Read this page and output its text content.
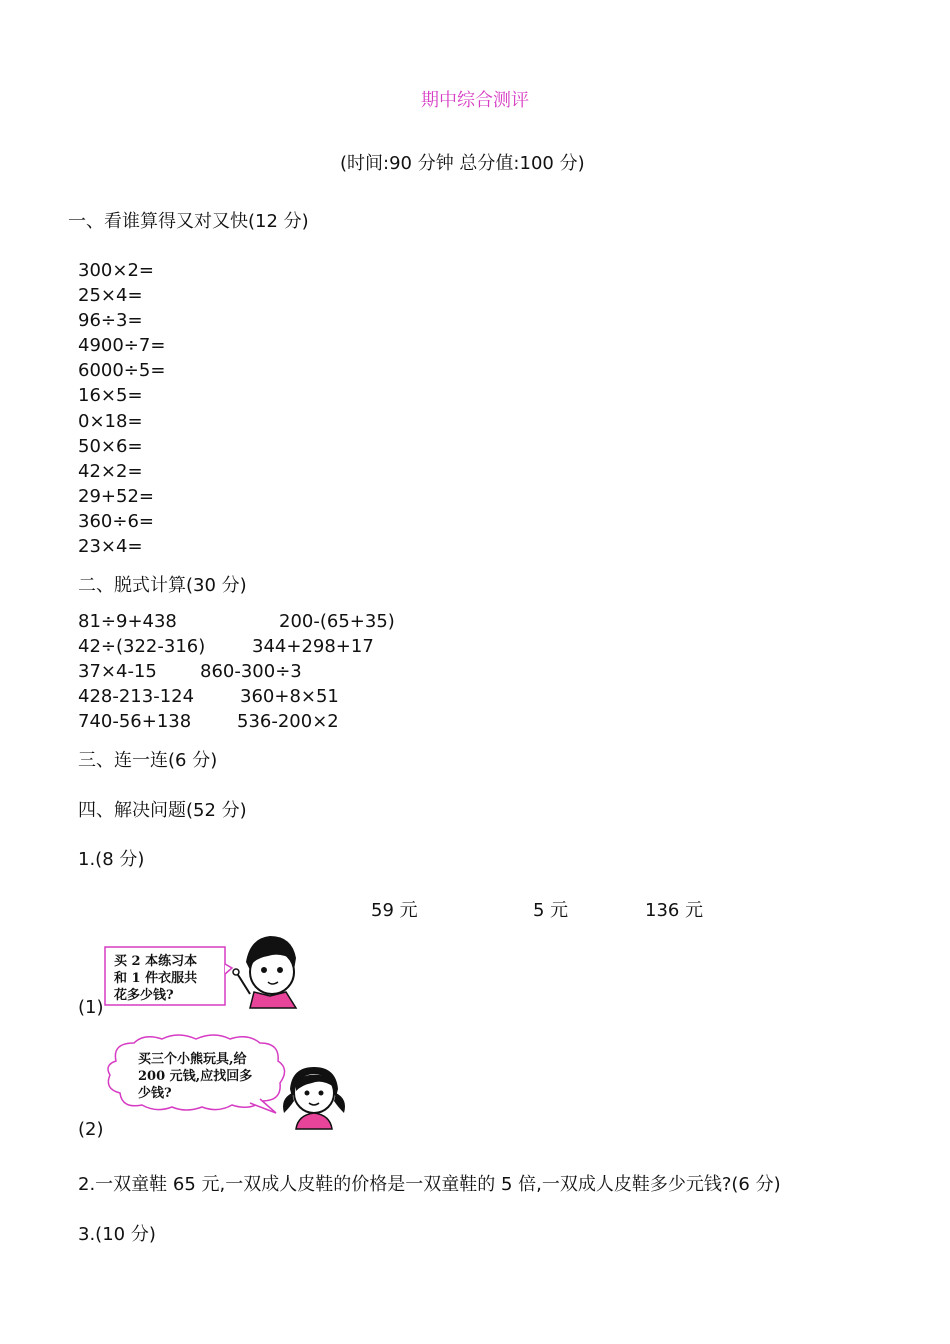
期中综合测评
(时间:90 分钟 总分值:100 分)
一、看谁算得又对又快(12 分)
300×2=
25×4=
96÷3=
4900÷7=
6000÷5=
16×5=
0×18=
50×6=
42×2=
29+52=
360÷6=
23×4=
二、脱式计算(30 分)
81÷9+438	200-(65+35)
42÷(322-316)	344+298+17
37×4-15 860-300÷3
428-213-124	360+8×51
740-56+138	536-200×2
三、连一连(6 分)
四、解决问题(52 分)
1.(8 分)
59 元	5 元	136 元
买 2 本练习本
和 1 件衣服共
花多少钱?
(1)
买三个小熊玩具,给
200 元钱,应找回多
少钱?
(2)
2.一双童鞋 65 元,一双成人皮鞋的价格是一双童鞋的 5 倍,一双成人皮鞋多少元钱?(6 分)
3.(10 分)
